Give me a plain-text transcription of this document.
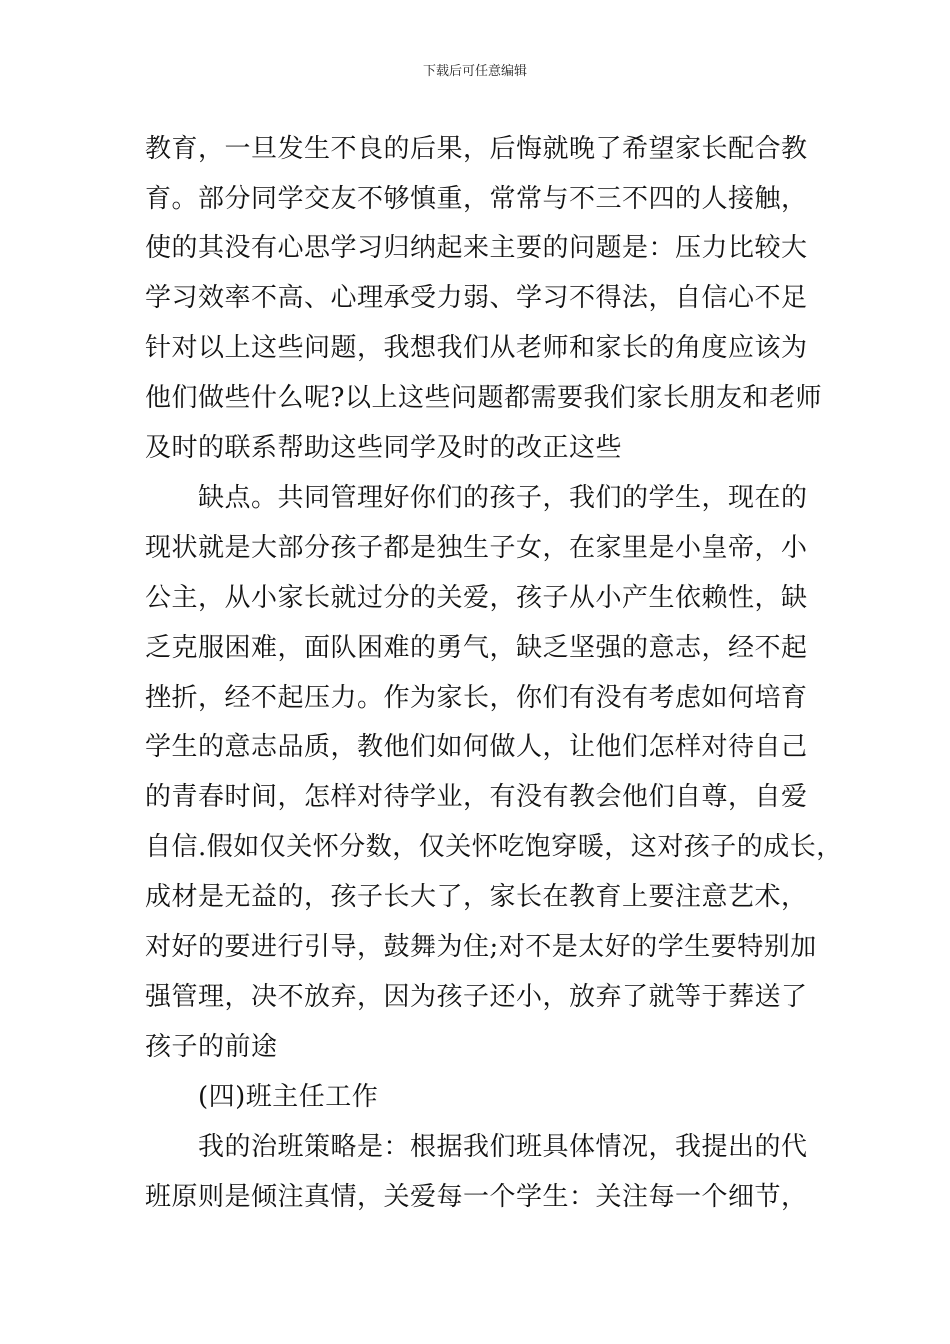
下载后可任意编辑
教育，一旦发生不良的后果，后悔就晚了希望家长配合教
育。部分同学交友不够慎重，常常与不三不四的人接触，
使的其没有心思学习归纳起来主要的问题是：压力比较大
学习效率不高、心理承受力弱、学习不得法，自信心不足
针对以上这些问题，我想我们从老师和家长的角度应该为
他们做些什么呢?以上这些问题都需要我们家长朋友和老师
及时的联系帮助这些同学及时的改正这些
缺点。共同管理好你们的孩子，我们的学生，现在的
现状就是大部分孩子都是独生子女，在家里是小皇帝，小
公主，从小家长就过分的关爱，孩子从小产生依赖性，缺
乏克服困难，面队困难的勇气，缺乏坚强的意志，经不起
挫折，经不起压力。作为家长，你们有没有考虑如何培育
学生的意志品质，教他们如何做人，让他们怎样对待自己
的青春时间，怎样对待学业，有没有教会他们自尊，自爱
自信.假如仅关怀分数，仅关怀吃饱穿暖，这对孩子的成长，
成材是无益的，孩子长大了，家长在教育上要注意艺术，
对好的要进行引导，鼓舞为住;对不是太好的学生要特别加
强管理，决不放弃，因为孩子还小，放弃了就等于葬送了
孩子的前途
(四)班主任工作
我的治班策略是：根据我们班具体情况，我提出的代
班原则是倾注真情，关爱每一个学生：关注每一个细节，
